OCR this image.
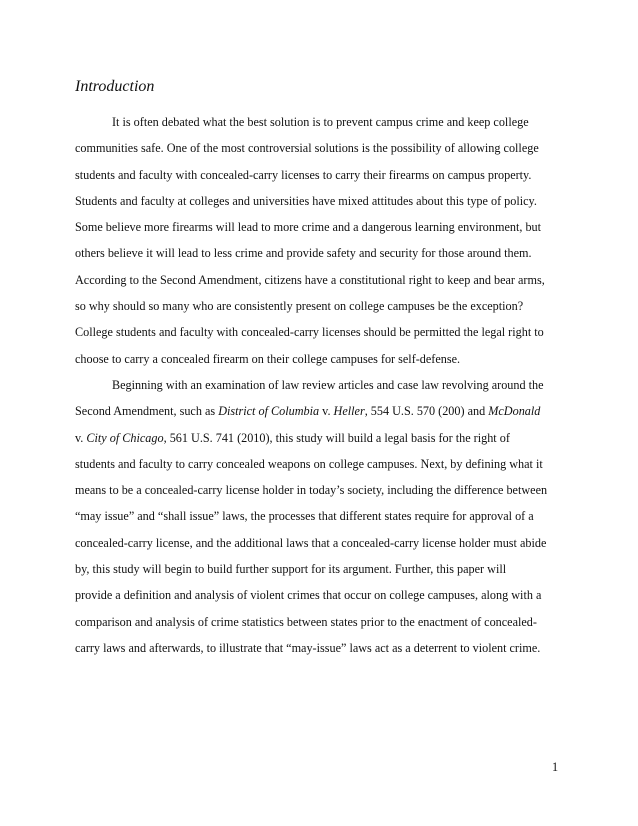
Introduction
It is often debated what the best solution is to prevent campus crime and keep college
communities safe. One of the most controversial solutions is the possibility of allowing college
students and faculty with concealed-carry licenses to carry their firearms on campus property.
Students and faculty at colleges and universities have mixed attitudes about this type of policy.
Some believe more firearms will lead to more crime and a dangerous learning environment, but
others believe it will lead to less crime and provide safety and security for those around them.
According to the Second Amendment, citizens have a constitutional right to keep and bear arms,
so why should so many who are consistently present on college campuses be the exception?
College students and faculty with concealed-carry licenses should be permitted the legal right to
choose to carry a concealed firearm on their college campuses for self-defense.
Beginning with an examination of law review articles and case law revolving around the
Second Amendment, such as District of Columbia v. Heller, 554 U.S. 570 (200) and McDonald
v. City of Chicago, 561 U.S. 741 (2010), this study will build a legal basis for the right of
students and faculty to carry concealed weapons on college campuses. Next, by defining what it
means to be a concealed-carry license holder in today’s society, including the difference between
“may issue” and “shall issue” laws, the processes that different states require for approval of a
concealed-carry license, and the additional laws that a concealed-carry license holder must abide
by, this study will begin to build further support for its argument. Further, this paper will
provide a definition and analysis of violent crimes that occur on college campuses, along with a
comparison and analysis of crime statistics between states prior to the enactment of concealed-
carry laws and afterwards, to illustrate that “may-issue” laws act as a deterrent to violent crime.
1
